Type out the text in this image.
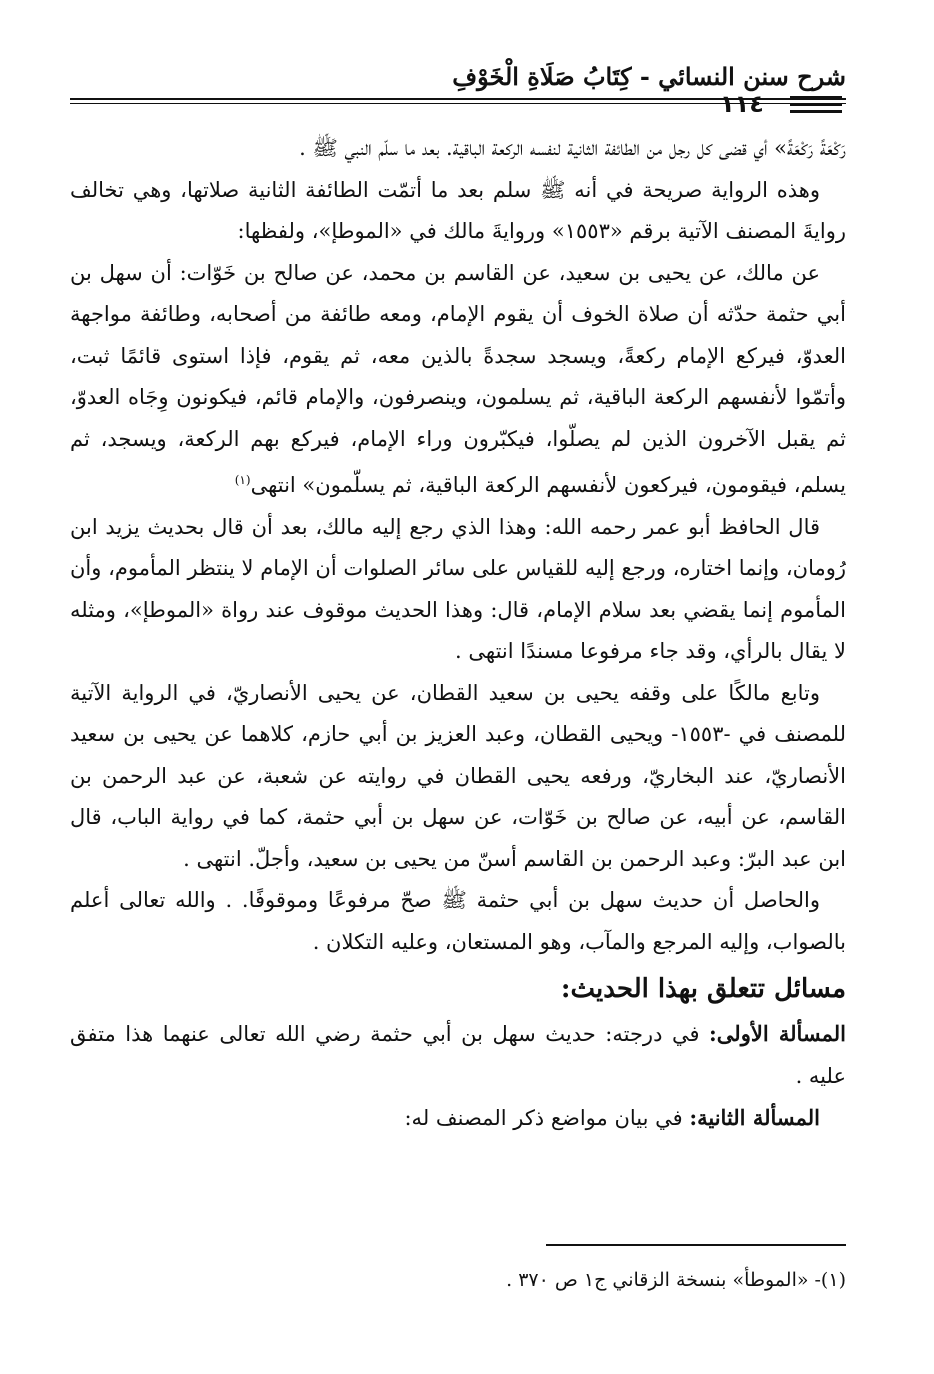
شرح سنن النسائي - كِتَابُ صَلَاةِ الْخَوْفِ
١١٤

رَكْعَةً رَكْعَةً» أي قضى كل رجل من الطائفة الثانية لنفسه الركعة الباقية. بعد ما سلّم النبي ﷺ .

وهذه الرواية صريحة في أنه ﷺ سلم بعد ما أتمّت الطائفة الثانية صلاتها، وهي تخالف روايةَ المصنف الآتية برقم «١٥٥٣» وروايةَ مالك في «الموطإ»، ولفظها:

عن مالك، عن يحيى بن سعيد، عن القاسم بن محمد، عن صالح بن خَوّات: أن سهل بن أبي حثمة حدّثه أن صلاة الخوف أن يقوم الإمام، ومعه طائفة من أصحابه، وطائفة مواجهة العدوّ، فيركع الإمام ركعةً، ويسجد سجدةً بالذين معه، ثم يقوم، فإذا استوى قائمًا ثبت، وأتمّوا لأنفسهم الركعة الباقية، ثم يسلمون، وينصرفون، والإمام قائم، فيكونون وِجَاه العدوّ، ثم يقبل الآخرون الذين لم يصلّوا، فيكبّرون وراء الإمام، فيركع بهم الركعة، ويسجد، ثم يسلم، فيقومون، فيركعون لأنفسهم الركعة الباقية، ثم يسلّمون» انتهى$^{(١)}$

قال الحافظ أبو عمر رحمه الله: وهذا الذي رجع إليه مالك، بعد أن قال بحديث يزيد ابن رُومان، وإنما اختاره، ورجع إليه للقياس على سائر الصلوات أن الإمام لا ينتظر المأموم، وأن المأموم إنما يقضي بعد سلام الإمام، قال: وهذا الحديث موقوف عند رواة «الموطإ»، ومثله لا يقال بالرأي، وقد جاء مرفوعا مسندًا انتهى .

وتابع مالكًا على وقفه يحيى بن سعيد القطان، عن يحيى الأنصاريّ، في الرواية الآتية للمصنف في -١٥٥٣- ويحيى القطان، وعبد العزيز بن أبي حازم، كلاهما عن يحيى بن سعيد الأنصاريّ، عند البخاريّ، ورفعه يحيى القطان في روايته عن شعبة، عن عبد الرحمن بن القاسم، عن أبيه، عن صالح بن خَوّات، عن سهل بن أبي حثمة، كما في رواية الباب، قال ابن عبد البرّ: وعبد الرحمن بن القاسم أسنّ من يحيى بن سعيد، وأجلّ. انتهى .

والحاصل أن حديث سهل بن أبي حثمة ﷺ صحّ مرفوعًا وموقوفًا. . والله تعالى أعلم بالصواب، وإليه المرجع والمآب، وهو المستعان، وعليه التكلان .

مسائل تتعلق بهذا الحديث:

المسألة الأولى: في درجته: حديث سهل بن أبي حثمة رضي الله تعالى عنهما هذا متفق عليه .

المسألة الثانية: في بيان مواضع ذكر المصنف له:

(١)- «الموطأ» بنسخة الزقاني ج١ ص ٣٧٠ .
